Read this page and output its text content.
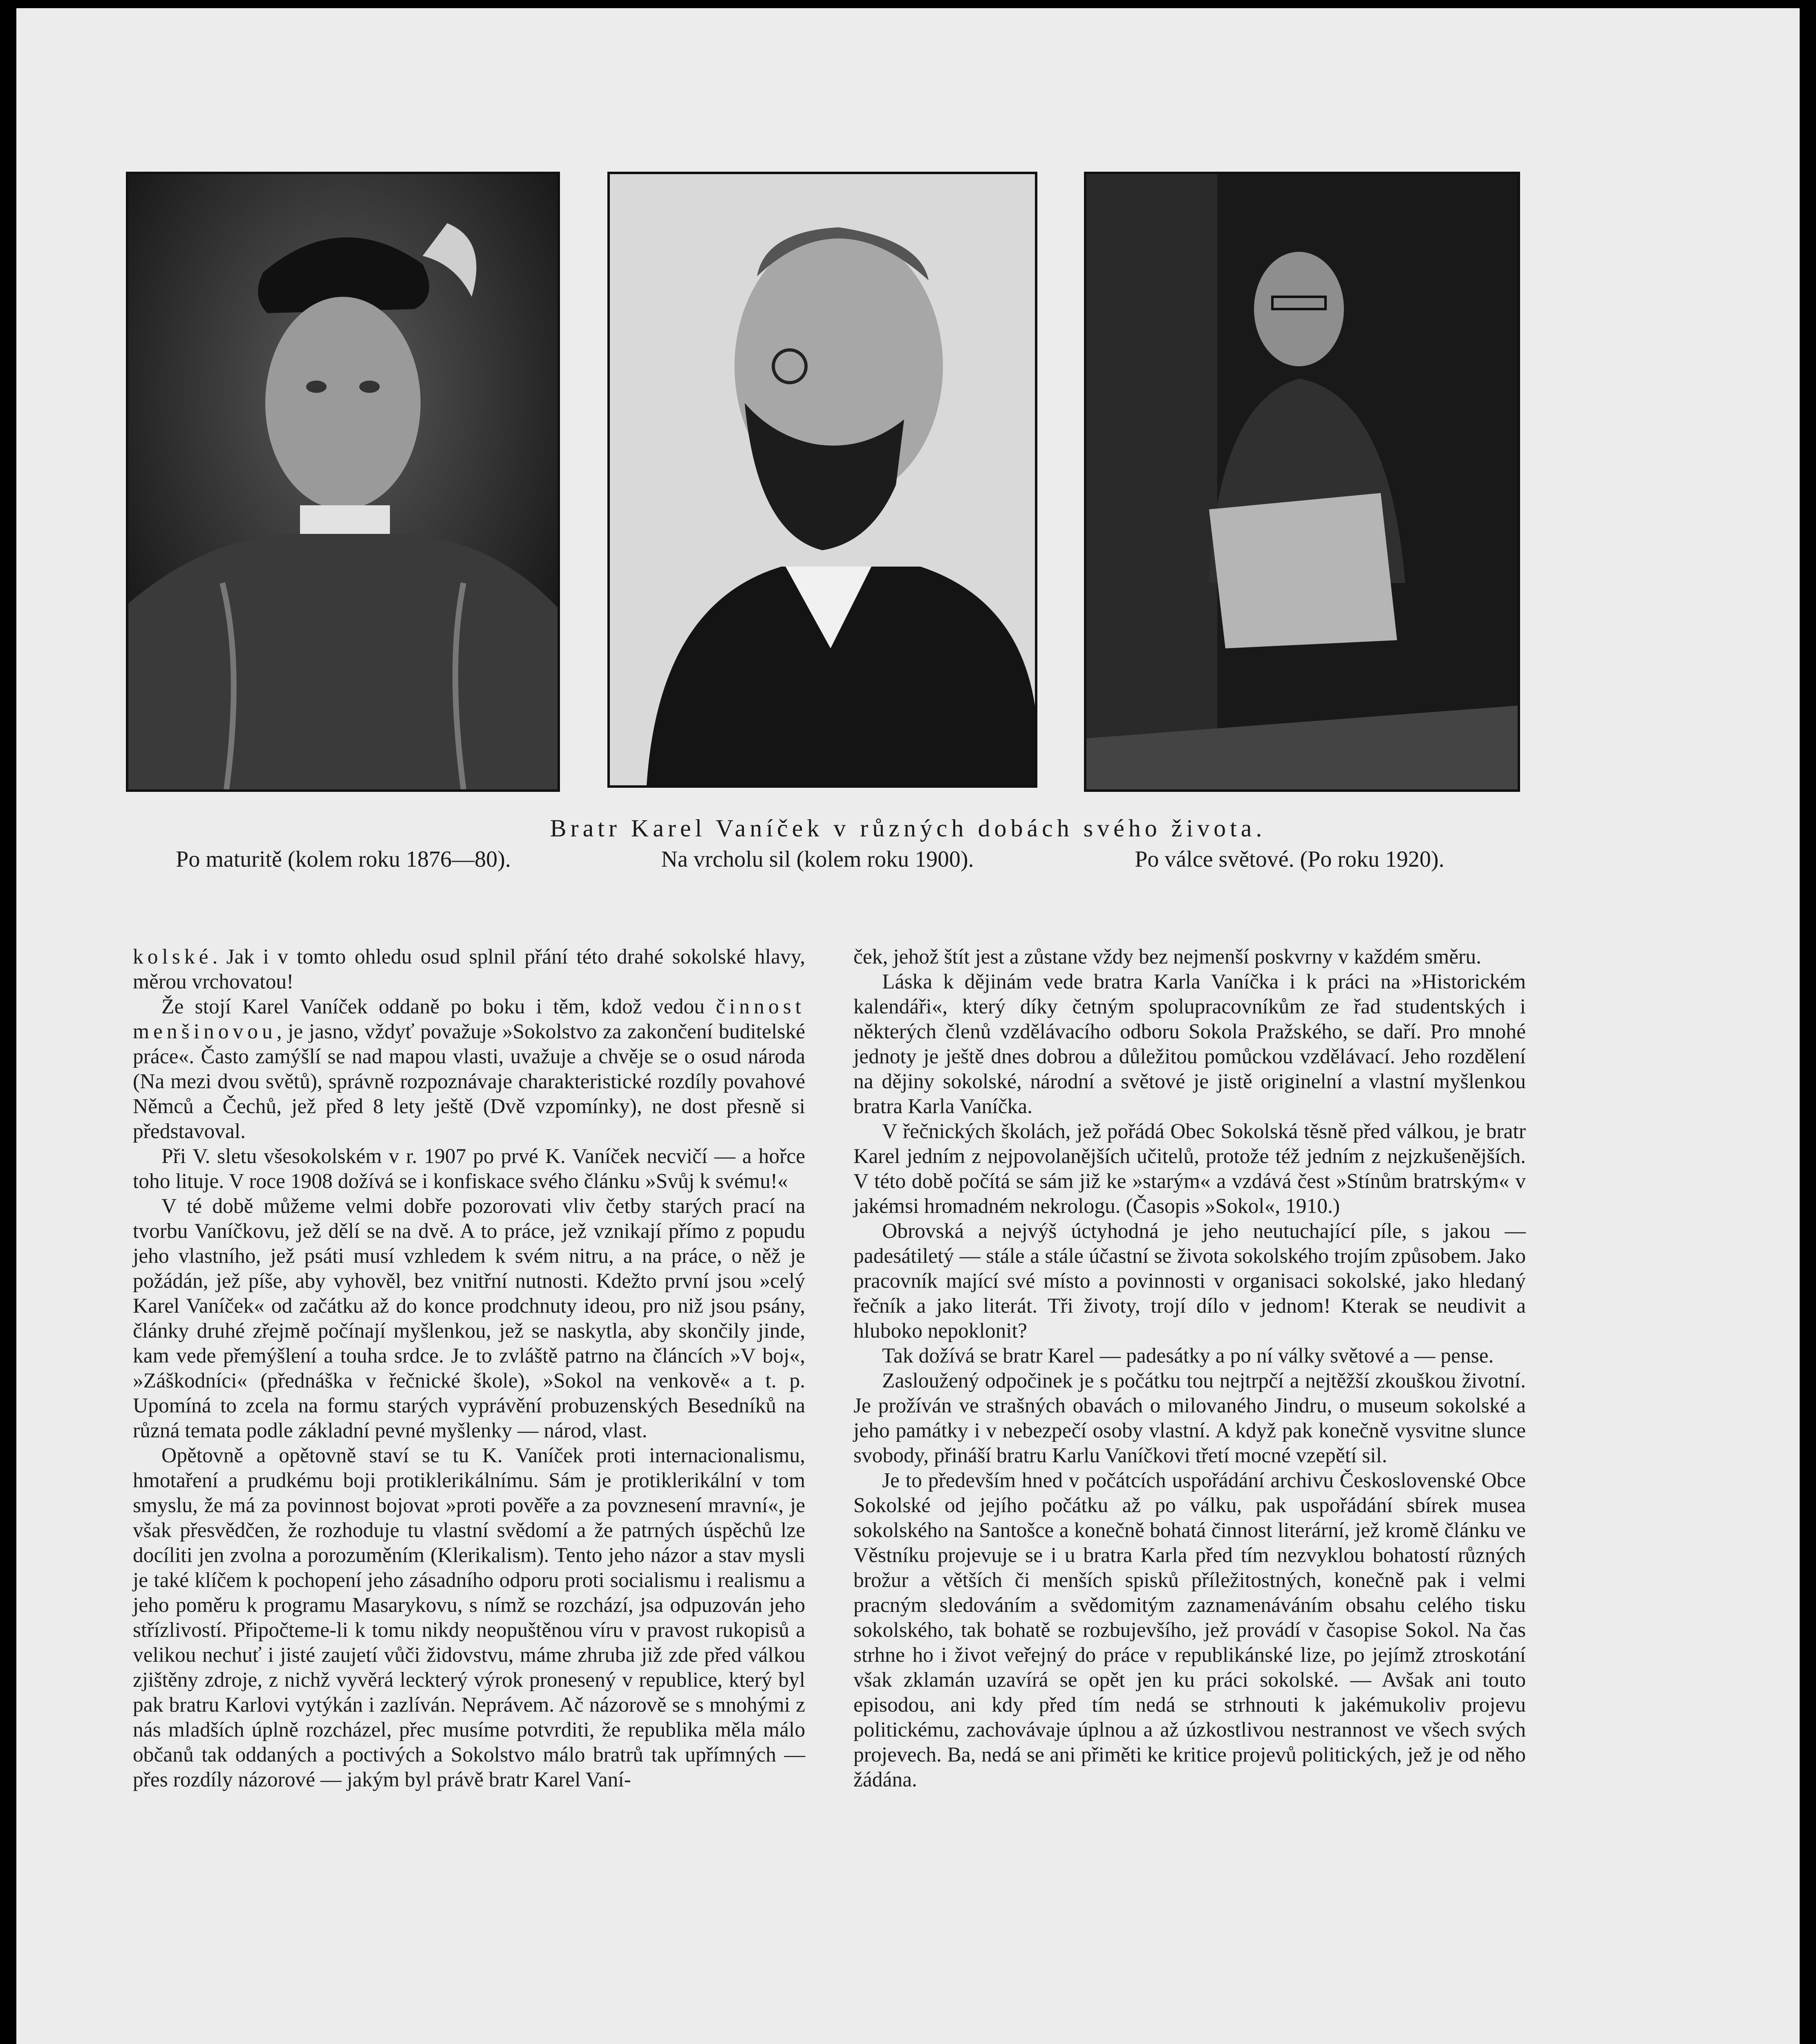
Bratr Karel Vaníček v různých dobách svého života.
Po maturitě (kolem roku 1876—80).	Na vrcholu sil (kolem roku 1900).	Po válce světové. (Po roku 1920).

kolské. Jak i v tomto ohledu osud splnil přání této drahé sokolské hlavy, měrou vrchovatou!

Že stojí Karel Vaníček oddaně po boku i těm, kdož vedou činnost menšinovou, je jasno, vždyť považuje »Sokolstvo za zakončení buditelské práce«. Často zamýšlí se nad mapou vlasti, uvažuje a chvěje se o osud národa (Na mezi dvou světů), správně rozpoznávaje charakteristické rozdíly povahové Němců a Čechů, jež před 8 lety ještě (Dvě vzpomínky), ne dost přesně si představoval.

Při V. sletu všesokolském v r. 1907 po prvé K. Vaníček necvičí — a hořce toho lituje. V roce 1908 dožívá se i konfiskace svého článku »Svůj k svému!«

V té době můžeme velmi dobře pozorovati vliv četby starých prací na tvorbu Vaníčkovu, jež dělí se na dvě. A to práce, jež vznikají přímo z popudu jeho vlastního, jež psáti musí vzhledem k svém nitru, a na práce, o něž je požádán, jež píše, aby vyhověl, bez vnitřní nutnosti. Kdežto první jsou »celý Karel Vaníček« od začátku až do konce prodchnuty ideou, pro niž jsou psány, články druhé zřejmě počínají myšlenkou, jež se naskytla, aby skončily jinde, kam vede přemýšlení a touha srdce. Je to zvláště patrno na článcích »V boj«, »Záškodníci« (přednáška v řečnické škole), »Sokol na venkově« a t. p. Upomíná to zcela na formu starých vyprávění probuzenských Besedníků na různá temata podle základní pevné myšlenky — národ, vlast.

Opětovně a opětovně staví se tu K. Vaníček proti internacionalismu, hmotaření a prudkému boji protiklerikálnímu. Sám je protiklerikální v tom smyslu, že má za povinnost bojovat »proti pověře a za povznesení mravní«, je však přesvědčen, že rozhoduje tu vlastní svědomí a že patrných úspěchů lze docíliti jen zvolna a porozuměním (Klerikalism). Tento jeho názor a stav mysli je také klíčem k pochopení jeho zásadního odporu proti socialismu i realismu a jeho poměru k programu Masarykovu, s nímž se rozchází, jsa odpuzován jeho střízlivostí. Připočteme-li k tomu nikdy neopuštěnou víru v pravost rukopisů a velikou nechuť i jisté zaujetí vůči židovstvu, máme zhruba již zde před válkou zjištěny zdroje, z nichž vyvěrá leckterý výrok pronesený v republice, který byl pak bratru Karlovi vytýkán i zazlíván. Neprávem. Ač názorově se s mnohými z nás mladších úplně rozcházel, přec musíme potvrditi, že republika měla málo občanů tak oddaných a poctivých a Sokolstvo málo bratrů tak upřímných — přes rozdíly názorové — jakým byl právě bratr Karel Vaní-

ček, jehož štít jest a zůstane vždy bez nejmenší poskvrny v každém směru.

Láska k dějinám vede bratra Karla Vaníčka i k práci na »Historickém kalendáři«, který díky četným spolupracovníkům ze řad studentských i některých členů vzdělávacího odboru Sokola Pražského, se daří. Pro mnohé jednoty je ještě dnes dobrou a důležitou pomůckou vzdělávací. Jeho rozdělení na dějiny sokolské, národní a světové je jistě originelní a vlastní myšlenkou bratra Karla Vaníčka.

V řečnických školách, jež pořádá Obec Sokolská těsně před válkou, je bratr Karel jedním z nejpovolanějších učitelů, protože též jedním z nejzkušenějších. V této době počítá se sám již ke »starým« a vzdává čest »Stínům bratrským« v jakémsi hromadném nekrologu. (Časopis »Sokol«, 1910.)

Obrovská a nejvýš úctyhodná je jeho neutuchající píle, s jakou — padesátiletý — stále a stále účastní se života sokolského trojím způsobem. Jako pracovník mající své místo a povinnosti v organisaci sokolské, jako hledaný řečník a jako literát. Tři životy, trojí dílo v jednom! Kterak se neudivit a hluboko nepoklonit?

Tak dožívá se bratr Karel — padesátky a po ní války světové a — pense.

Zasloužený odpočinek je s počátku tou nejtrpčí a nejtěžší zkouškou životní. Je prožíván ve strašných obavách o milovaného Jindru, o museum sokolské a jeho památky i v nebezpečí osoby vlastní. A když pak konečně vysvitne slunce svobody, přináší bratru Karlu Vaníčkovi třetí mocné vzepětí sil.

Je to především hned v počátcích uspořádání archivu Československé Obce Sokolské od jejího počátku až po válku, pak uspořádání sbírek musea sokolského na Santošce a konečně bohatá činnost literární, jež kromě článku ve Věstníku projevuje se i u bratra Karla před tím nezvyklou bohatostí různých brožur a větších či menších spisků příležitostných, konečně pak i velmi pracným sledováním a svědomitým zaznamenáváním obsahu celého tisku sokolského, tak bohatě se rozbujevšího, jež provádí v časopise Sokol. Na čas strhne ho i život veřejný do práce v republikánské lize, po jejímž ztroskotání však zklamán uzavírá se opět jen ku práci sokolské. — Avšak ani touto episodou, ani kdy před tím nedá se strhnouti k jakémukoliv projevu politickému, zachovávaje úplnou a až úzkostlivou nestrannost ve všech svých projevech. Ba, nedá se ani přiměti ke kritice projevů politických, jež je od něho žádána.
